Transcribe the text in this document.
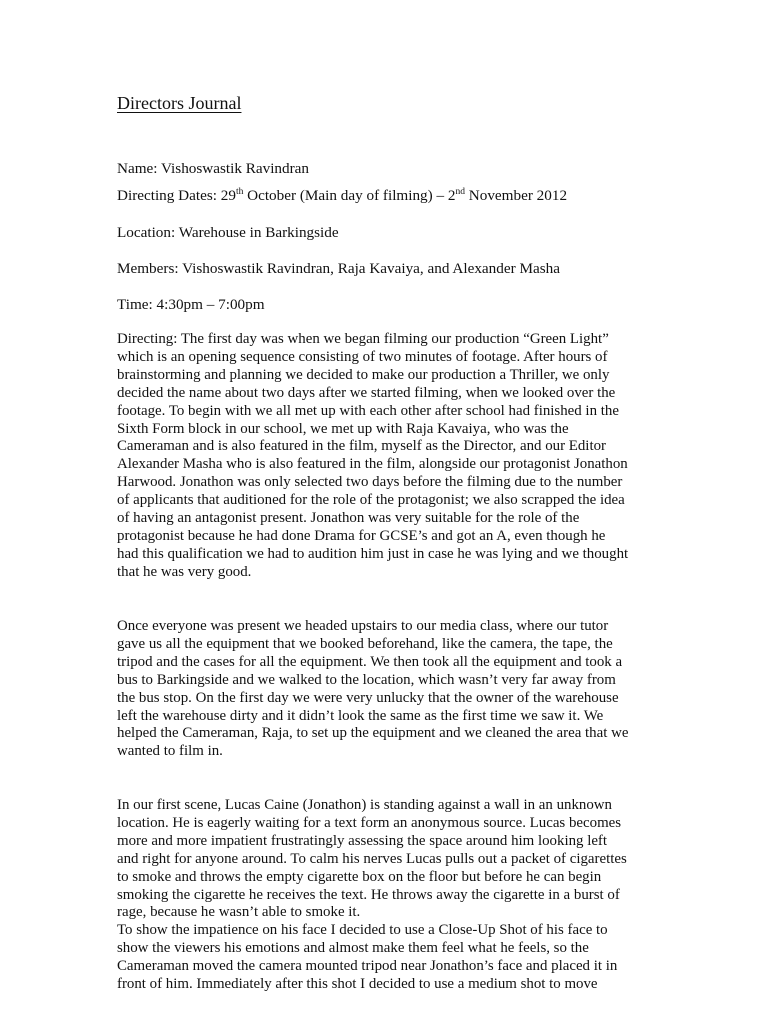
Directors Journal
Name: Vishoswastik Ravindran
Directing Dates: 29th October (Main day of filming) – 2nd November 2012
Location: Warehouse in Barkingside
Members: Vishoswastik Ravindran, Raja Kavaiya, and Alexander Masha
Time: 4:30pm – 7:00pm
Directing: The first day was when we began filming our production “Green Light”
which is an opening sequence consisting of two minutes of footage. After hours of
brainstorming and planning we decided to make our production a Thriller, we only
decided the name about two days after we started filming, when we looked over the
footage. To begin with we all met up with each other after school had finished in the
Sixth Form block in our school, we met up with Raja Kavaiya, who was the
Cameraman and is also featured in the film, myself as the Director, and our Editor
Alexander Masha who is also featured in the film, alongside our protagonist Jonathon
Harwood. Jonathon was only selected two days before the filming due to the number
of applicants that auditioned for the role of the protagonist; we also scrapped the idea
of having an antagonist present. Jonathon was very suitable for the role of the
protagonist because he had done Drama for GCSE’s and got an A, even though he
had this qualification we had to audition him just in case he was lying and we thought
that he was very good.
Once everyone was present we headed upstairs to our media class, where our tutor
gave us all the equipment that we booked beforehand, like the camera, the tape, the
tripod and the cases for all the equipment. We then took all the equipment and took a
bus to Barkingside and we walked to the location, which wasn’t very far away from
the bus stop. On the first day we were very unlucky that the owner of the warehouse
left the warehouse dirty and it didn’t look the same as the first time we saw it. We
helped the Cameraman, Raja, to set up the equipment and we cleaned the area that we
wanted to film in.
In our first scene, Lucas Caine (Jonathon) is standing against a wall in an unknown
location. He is eagerly waiting for a text form an anonymous source. Lucas becomes
more and more impatient frustratingly assessing the space around him looking left
and right for anyone around. To calm his nerves Lucas pulls out a packet of cigarettes
to smoke and throws the empty cigarette box on the floor but before he can begin
smoking the cigarette he receives the text. He throws away the cigarette in a burst of
rage, because he wasn’t able to smoke it.
To show the impatience on his face I decided to use a Close-Up Shot of his face to
show the viewers his emotions and almost make them feel what he feels, so the
Cameraman moved the camera mounted tripod near Jonathon’s face and placed it in
front of him. Immediately after this shot I decided to use a medium shot to move
